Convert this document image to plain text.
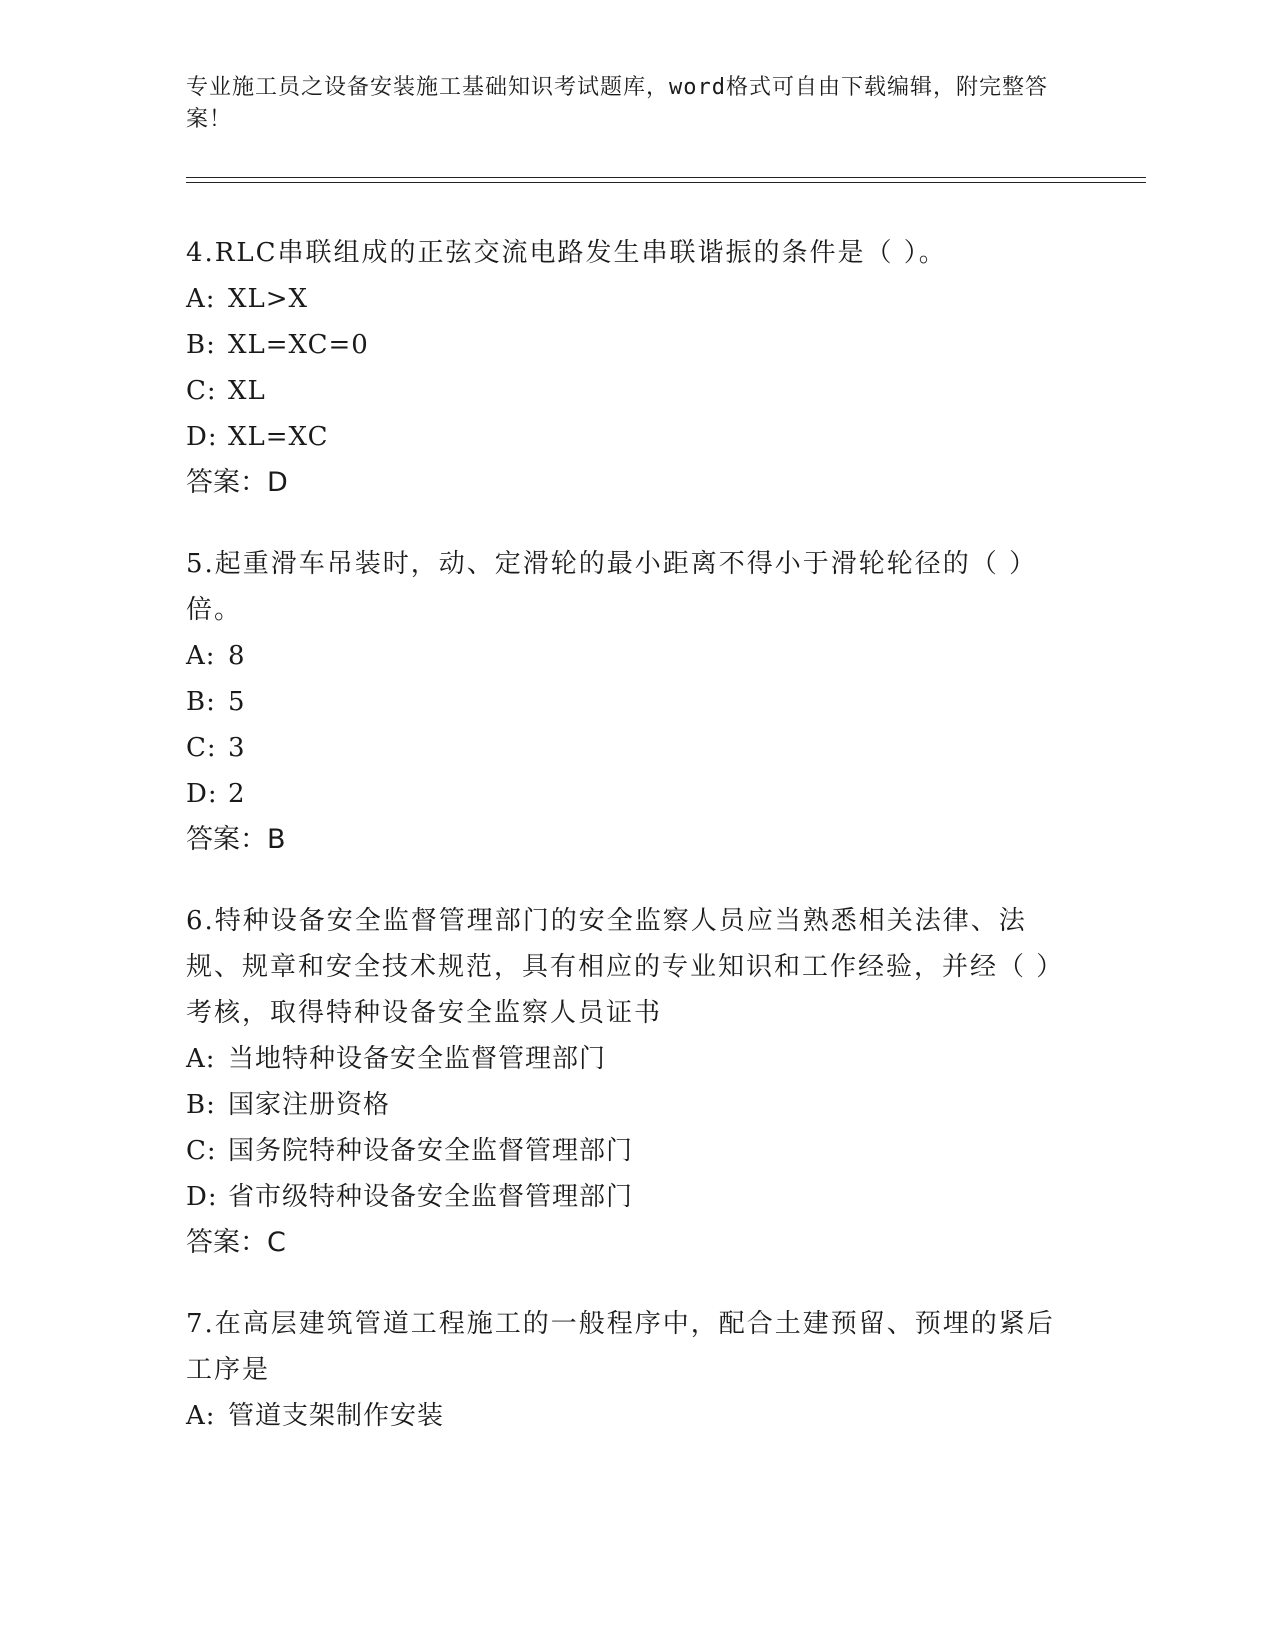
专业施工员之设备安装施工基础知识考试题库，word格式可自由下载编辑，附完整答案！

4.RLC串联组成的正弦交流电路发生串联谐振的条件是（ ）。

A: XL>X

B: XL=XC=0

C: XL

D: XL=XC

答案：D

5.起重滑车吊装时，动、定滑轮的最小距离不得小于滑轮轮径的（ ）倍。

A: 8

B: 5

C: 3

D: 2

答案：B

6.特种设备安全监督管理部门的安全监察人员应当熟悉相关法律、法规、规章和安全技术规范，具有相应的专业知识和工作经验，并经（ ）考核，取得特种设备安全监察人员证书

A: 当地特种设备安全监督管理部门

B: 国家注册资格

C: 国务院特种设备安全监督管理部门

D: 省市级特种设备安全监督管理部门

答案：C

7.在高层建筑管道工程施工的一般程序中，配合土建预留、预埋的紧后工序是

A: 管道支架制作安装
